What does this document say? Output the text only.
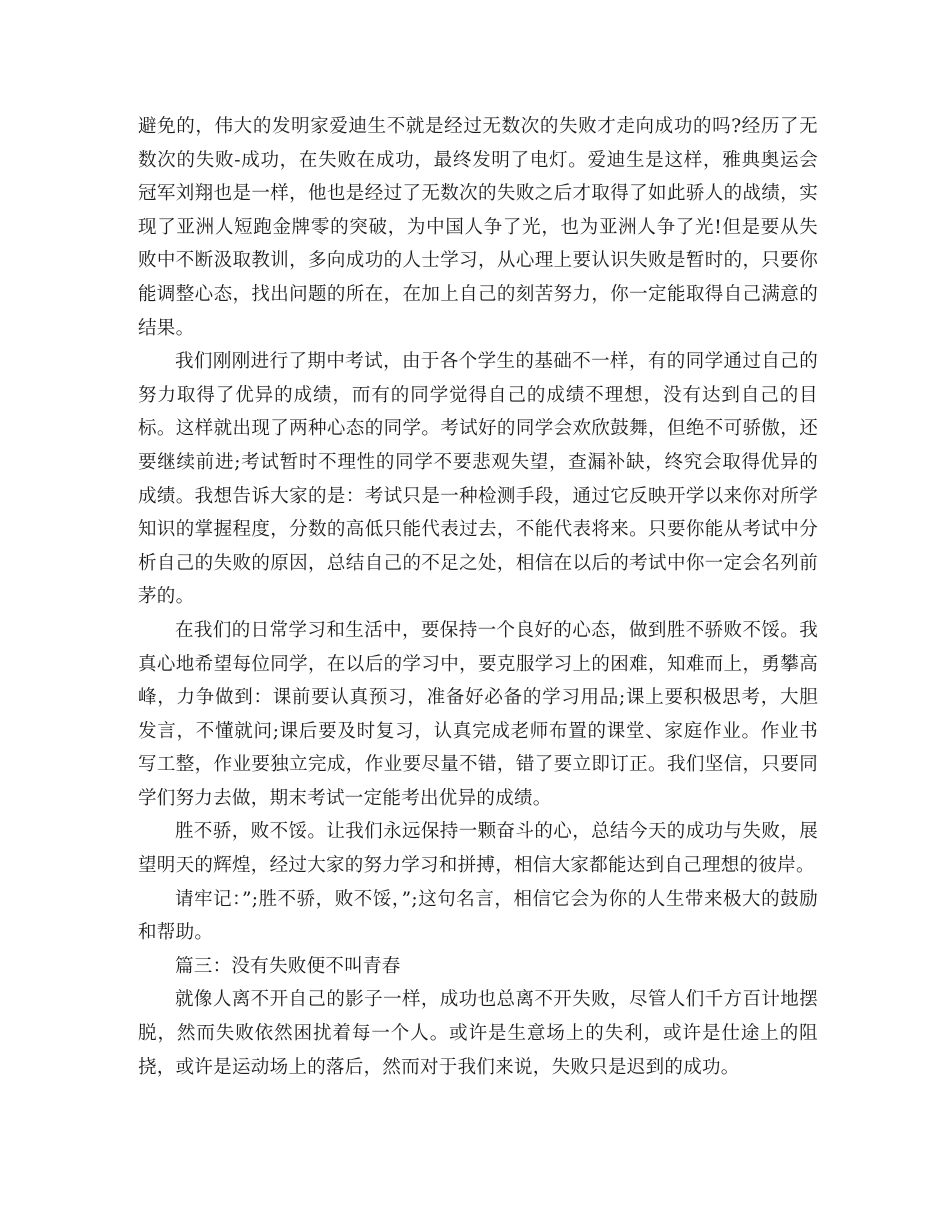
避免的，伟大的发明家爱迪生不就是经过无数次的失败才走向成功的吗?经历了无数次的失败-成功，在失败在成功，最终发明了电灯。爱迪生是这样，雅典奥运会冠军刘翔也是一样，他也是经过了无数次的失败之后才取得了如此骄人的战绩，实现了亚洲人短跑金牌零的突破，为中国人争了光，也为亚洲人争了光!但是要从失败中不断汲取教训，多向成功的人士学习，从心理上要认识失败是暂时的，只要你能调整心态，找出问题的所在，在加上自己的刻苦努力，你一定能取得自己满意的结果。

我们刚刚进行了期中考试，由于各个学生的基础不一样，有的同学通过自己的努力取得了优异的成绩，而有的同学觉得自己的成绩不理想，没有达到自己的目标。这样就出现了两种心态的同学。考试好的同学会欢欣鼓舞，但绝不可骄傲，还要继续前进;考试暂时不理性的同学不要悲观失望，查漏补缺，终究会取得优异的成绩。我想告诉大家的是：考试只是一种检测手段，通过它反映开学以来你对所学知识的掌握程度，分数的高低只能代表过去，不能代表将来。只要你能从考试中分析自己的失败的原因，总结自己的不足之处，相信在以后的考试中你一定会名列前茅的。

在我们的日常学习和生活中，要保持一个良好的心态，做到胜不骄败不馁。我真心地希望每位同学，在以后的学习中，要克服学习上的困难，知难而上，勇攀高峰，力争做到：课前要认真预习，准备好必备的学习用品;课上要积极思考，大胆发言，不懂就问;课后要及时复习，认真完成老师布置的课堂、家庭作业。作业书写工整，作业要独立完成，作业要尽量不错，错了要立即订正。我们坚信，只要同学们努力去做，期末考试一定能考出优异的成绩。

胜不骄，败不馁。让我们永远保持一颗奋斗的心，总结今天的成功与失败，展望明天的辉煌，经过大家的努力学习和拼搏，相信大家都能达到自己理想的彼岸。

请牢记：”;胜不骄，败不馁，”;这句名言，相信它会为你的人生带来极大的鼓励和帮助。

篇三：没有失败便不叫青春

就像人离不开自己的影子一样，成功也总离不开失败，尽管人们千方百计地摆脱，然而失败依然困扰着每一个人。或许是生意场上的失利，或许是仕途上的阻挠，或许是运动场上的落后，然而对于我们来说，失败只是迟到的成功。
